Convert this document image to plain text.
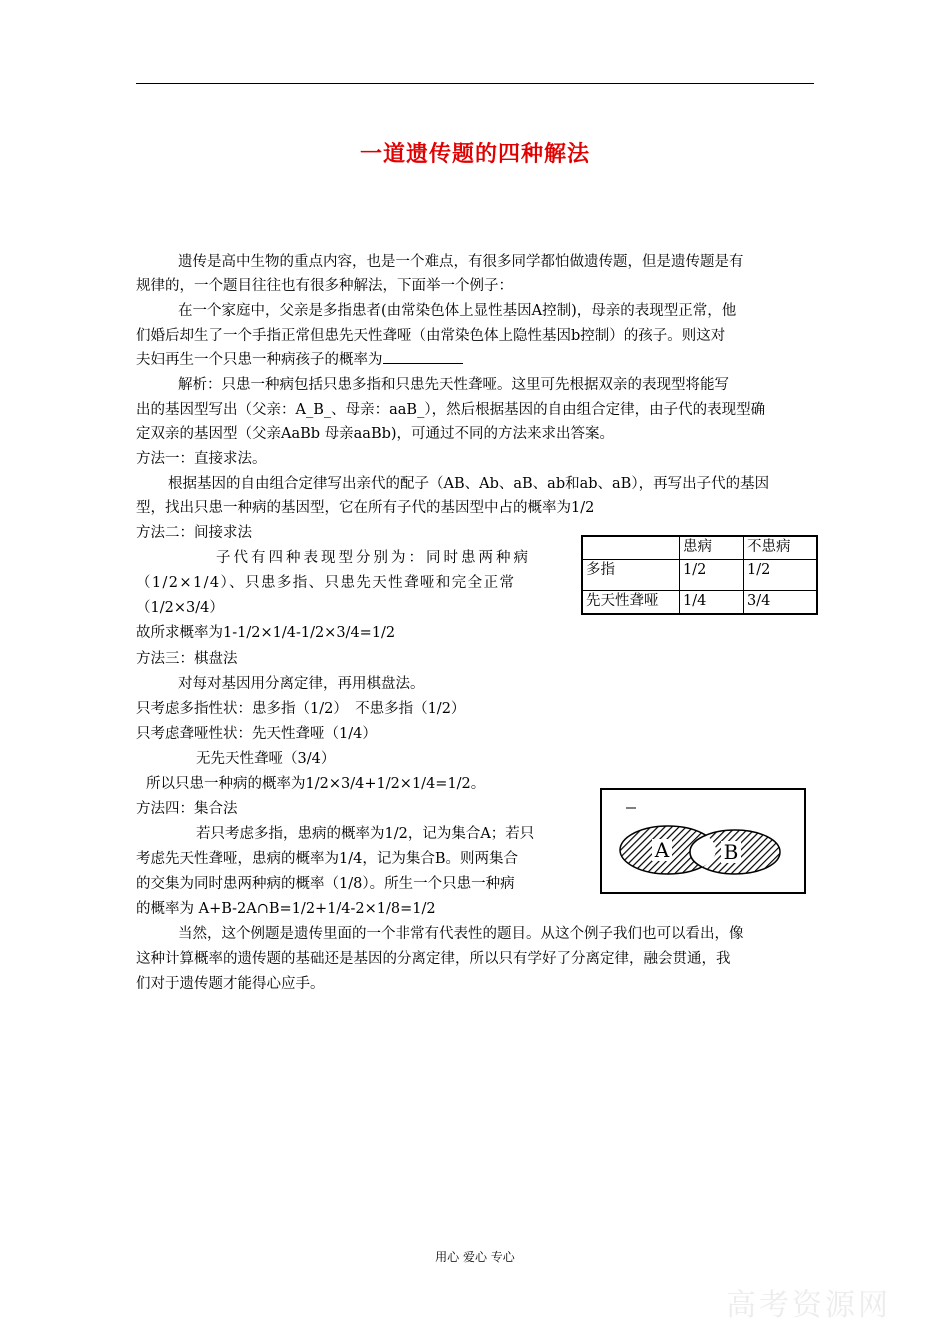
一道遗传题的四种解法
遗传是高中生物的重点内容，也是一个难点，有很多同学都怕做遗传题，但是遗传题是有
规律的，一个题目往往也有很多种解法，下面举一个例子：
在一个家庭中，父亲是多指患者(由常染色体上显性基因A控制)，母亲的表现型正常，他
们婚后却生了一个手指正常但患先天性聋哑（由常染色体上隐性基因b控制）的孩子。则这对
夫妇再生一个只患一种病孩子的概率为
解析：只患一种病包括只患多指和只患先天性聋哑。这里可先根据双亲的表现型将能写
出的基因型写出（父亲：A_B_、母亲：aaB_），然后根据基因的自由组合定律，由子代的表现型确
定双亲的基因型（父亲AaBb 母亲aaBb)，可通过不同的方法来求出答案。
方法一：直接求法。
根据基因的自由组合定律写出亲代的配子（AB、Ab、aB、ab和ab、aB），再写出子代的基因
型，找出只患一种病的基因型，它在所有子代的基因型中占的概率为1/2
方法二：间接求法
子代有四种表现型分别为：同时患两种病
（1/2×1/4）、只患多指、只患先天性聋哑和完全正常
（1/2×3/4）
故所求概率为1-1/2×1/4-1/2×3/4=1/2
	患病	不患病
多指	1/2	1/2
先天性聋哑	1/4	3/4
方法三：棋盘法
对每对基因用分离定律，再用棋盘法。
只考虑多指性状：患多指（1/2）　不患多指（1/2）
只考虑聋哑性状：先天性聋哑（1/4）
无先天性聋哑（3/4）
所以只患一种病的概率为1/2×3/4+1/2×1/4=1/2。
方法四：集合法
若只考虑多指，患病的概率为1/2，记为集合A；若只
考虑先天性聋哑，患病的概率为1/4，记为集合B。则两集合
的交集为同时患两种病的概率（1/8）。所生一个只患一种病
的概率为 A+B-2A∩B=1/2+1/4-2×1/8=1/2
A	B
当然，这个例题是遗传里面的一个非常有代表性的题目。从这个例子我们也可以看出，像
这种计算概率的遗传题的基础还是基因的分离定律，所以只有学好了分离定律，融会贯通，我
们对于遗传题才能得心应手。
用心 爱心 专心
高考资源网
